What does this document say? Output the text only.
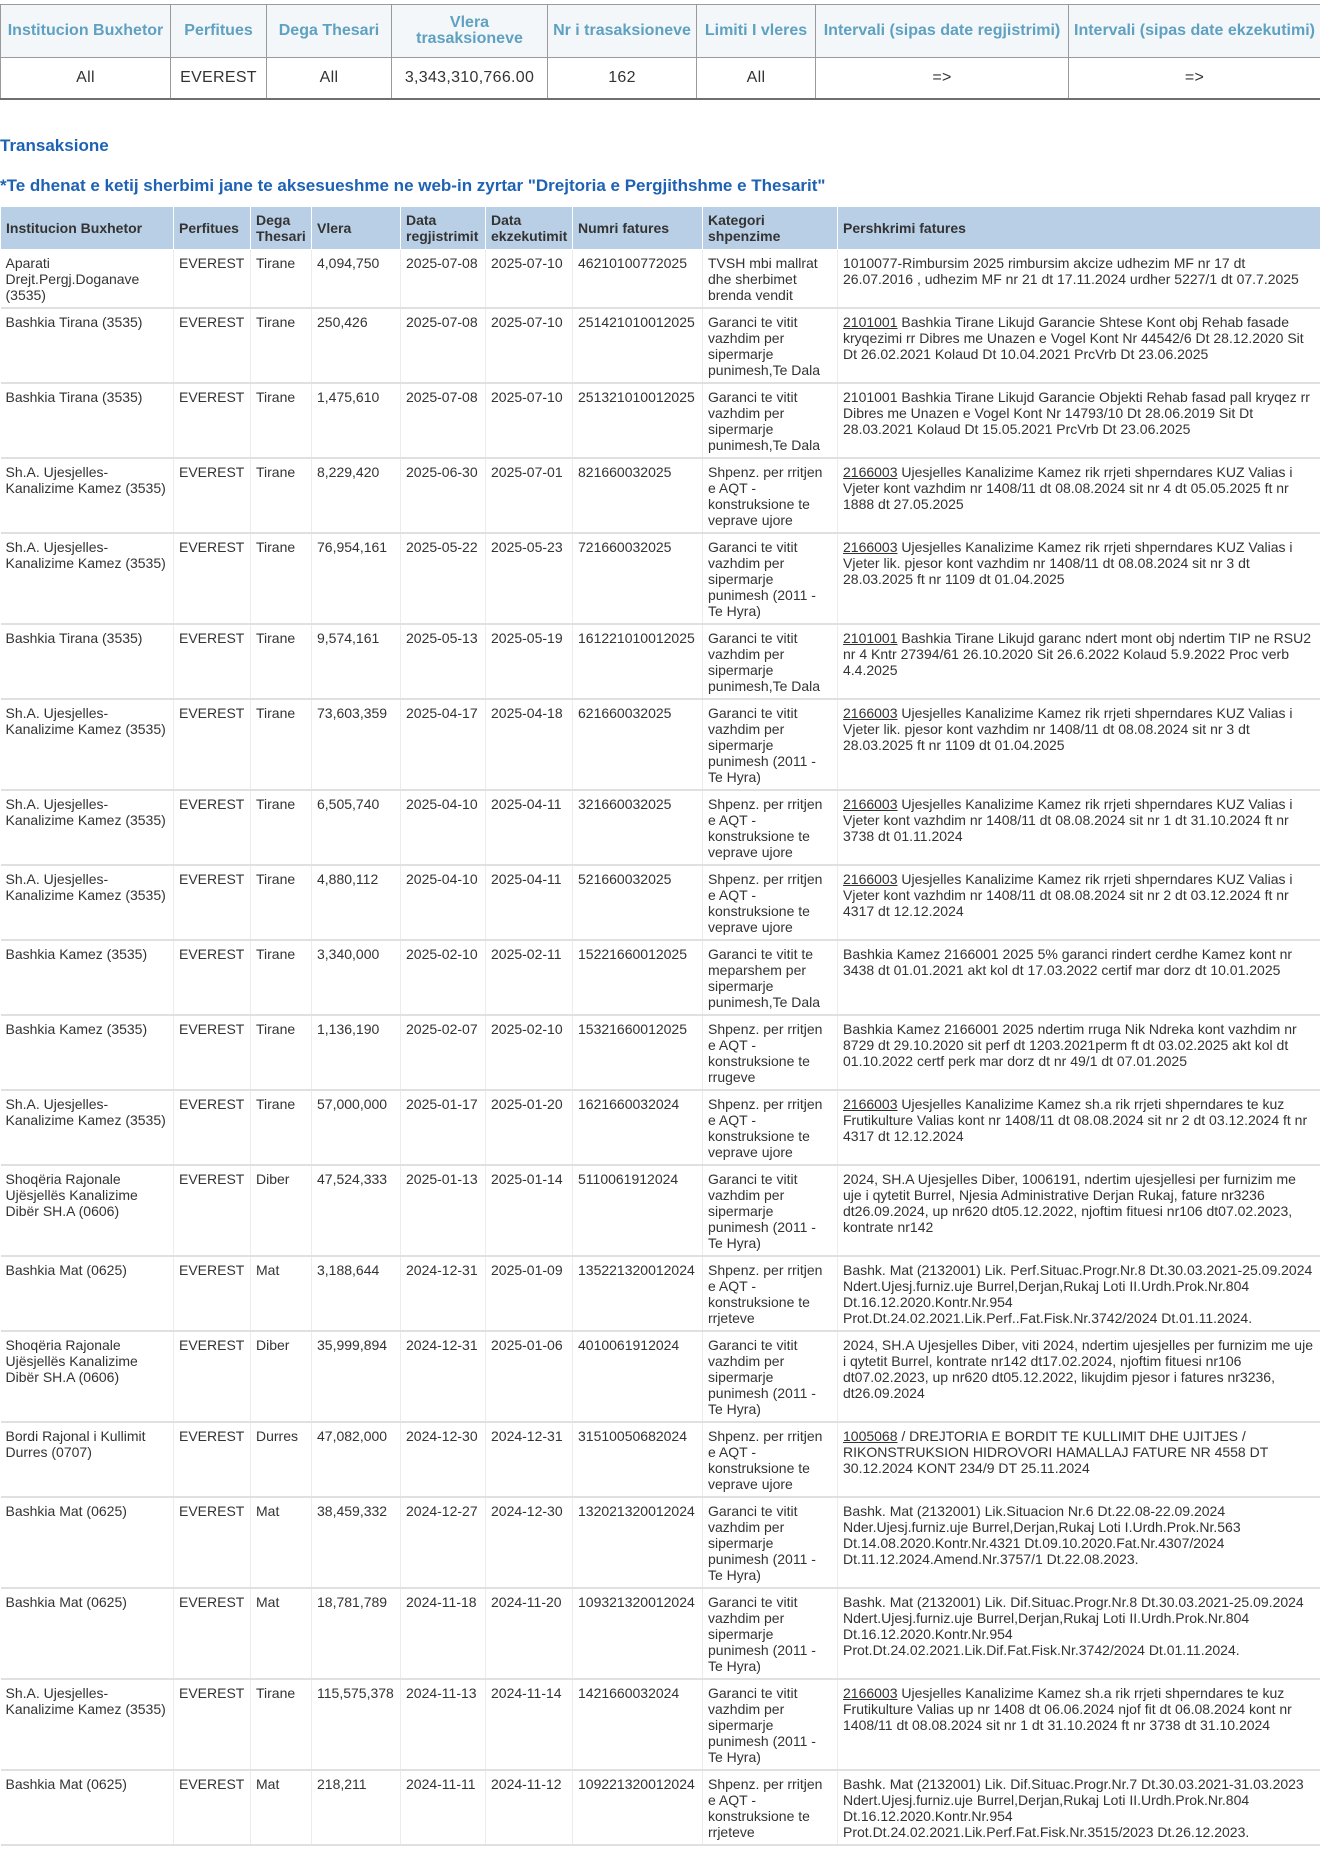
Institucion Buxhetor	Perfitues	Dega Thesari	Vlera trasaksioneve	Nr i trasaksioneve	Limiti I vleres	Intervali (sipas date regjistrimi)	Intervali (sipas date ekzekutimi)
All	EVEREST	All	3,343,310,766.00	162	All	=>	=>
Transaksione
*Te dhenat e ketij sherbimi jane te aksesueshme ne web-in zyrtar "Drejtoria e Pergjithshme e Thesarit"
Institucion Buxhetor	Perfitues	Dega Thesari	Vlera	Data regjistrimit	Data ekzekutimit	Numri fatures	Kategori shpenzime	Pershkrimi fatures
Aparati Drejt.Pergj.Doganave (3535)	EVEREST	Tirane	4,094,750	2025-07-08	2025-07-10	46210100772025	TVSH mbi mallrat dhe sherbimet brenda vendit	1010077-Rimbursim 2025 rimbursim akcize udhezim MF nr 17 dt 26.07.2016 , udhezim MF nr 21 dt 17.11.2024 urdher 5227/1 dt 07.7.2025
Bashkia Tirana (3535)	EVEREST	Tirane	250,426	2025-07-08	2025-07-10	251421010012025	Garanci te vitit vazhdim per sipermarje punimesh,Te Dala	2101001 Bashkia Tirane Likujd Garancie Shtese Kont obj Rehab fasade kryqezimi rr Dibres me Unazen e Vogel Kont Nr 44542/6 Dt 28.12.2020 Sit Dt 26.02.2021 Kolaud Dt 10.04.2021 PrcVrb Dt 23.06.2025
Bashkia Tirana (3535)	EVEREST	Tirane	1,475,610	2025-07-08	2025-07-10	251321010012025	Garanci te vitit vazhdim per sipermarje punimesh,Te Dala	2101001 Bashkia Tirane Likujd Garancie Objekti Rehab fasad pall kryqez rr Dibres me Unazen e Vogel Kont Nr 14793/10 Dt 28.06.2019 Sit Dt 28.03.2021 Kolaud Dt 15.05.2021 PrcVrb Dt 23.06.2025
Sh.A. Ujesjelles-Kanalizime Kamez (3535)	EVEREST	Tirane	8,229,420	2025-06-30	2025-07-01	821660032025	Shpenz. per rritjen e AQT - konstruksione te veprave ujore	2166003 Ujesjelles Kanalizime Kamez rik rrjeti shperndares KUZ Valias i Vjeter kont vazhdim nr 1408/11 dt 08.08.2024 sit nr 4 dt 05.05.2025 ft nr 1888 dt 27.05.2025
Sh.A. Ujesjelles-Kanalizime Kamez (3535)	EVEREST	Tirane	76,954,161	2025-05-22	2025-05-23	721660032025	Garanci te vitit vazhdim per sipermarje punimesh (2011 - Te Hyra)	2166003 Ujesjelles Kanalizime Kamez rik rrjeti shperndares KUZ Valias i Vjeter lik. pjesor kont vazhdim nr 1408/11 dt 08.08.2024 sit nr 3 dt 28.03.2025 ft nr 1109 dt 01.04.2025
Bashkia Tirana (3535)	EVEREST	Tirane	9,574,161	2025-05-13	2025-05-19	161221010012025	Garanci te vitit vazhdim per sipermarje punimesh,Te Dala	2101001 Bashkia Tirane Likujd garanc ndert mont obj ndertim TIP ne RSU2 nr 4 Kntr 27394/61 26.10.2020 Sit 26.6.2022 Kolaud 5.9.2022 Proc verb 4.4.2025
Sh.A. Ujesjelles-Kanalizime Kamez (3535)	EVEREST	Tirane	73,603,359	2025-04-17	2025-04-18	621660032025	Garanci te vitit vazhdim per sipermarje punimesh (2011 - Te Hyra)	2166003 Ujesjelles Kanalizime Kamez rik rrjeti shperndares KUZ Valias i Vjeter lik. pjesor kont vazhdim nr 1408/11 dt 08.08.2024 sit nr 3 dt 28.03.2025 ft nr 1109 dt 01.04.2025
Sh.A. Ujesjelles-Kanalizime Kamez (3535)	EVEREST	Tirane	6,505,740	2025-04-10	2025-04-11	321660032025	Shpenz. per rritjen e AQT - konstruksione te veprave ujore	2166003 Ujesjelles Kanalizime Kamez rik rrjeti shperndares KUZ Valias i Vjeter kont vazhdim nr 1408/11 dt 08.08.2024 sit nr 1 dt 31.10.2024 ft nr 3738 dt 01.11.2024
Sh.A. Ujesjelles-Kanalizime Kamez (3535)	EVEREST	Tirane	4,880,112	2025-04-10	2025-04-11	521660032025	Shpenz. per rritjen e AQT - konstruksione te veprave ujore	2166003 Ujesjelles Kanalizime Kamez rik rrjeti shperndares KUZ Valias i Vjeter kont vazhdim nr 1408/11 dt 08.08.2024 sit nr 2 dt 03.12.2024 ft nr 4317 dt 12.12.2024
Bashkia Kamez (3535)	EVEREST	Tirane	3,340,000	2025-02-10	2025-02-11	15221660012025	Garanci te vitit te meparshem per sipermarje punimesh,Te Dala	Bashkia Kamez 2166001 2025 5% garanci rindert cerdhe Kamez kont nr 3438 dt 01.01.2021 akt kol dt 17.03.2022 certif mar dorz dt 10.01.2025
Bashkia Kamez (3535)	EVEREST	Tirane	1,136,190	2025-02-07	2025-02-10	15321660012025	Shpenz. per rritjen e AQT - konstruksione te rrugeve	Bashkia Kamez 2166001 2025 ndertim rruga Nik Ndreka kont vazhdim nr 8729 dt 29.10.2020 sit perf dt 1203.2021perm ft dt 03.02.2025 akt kol dt 01.10.2022 certf perk mar dorz dt nr 49/1 dt 07.01.2025
Sh.A. Ujesjelles-Kanalizime Kamez (3535)	EVEREST	Tirane	57,000,000	2025-01-17	2025-01-20	1621660032024	Shpenz. per rritjen e AQT - konstruksione te veprave ujore	2166003 Ujesjelles Kanalizime Kamez sh.a rik rrjeti shperndares te kuz Frutikulture Valias kont nr 1408/11 dt 08.08.2024 sit nr 2 dt 03.12.2024 ft nr 4317 dt 12.12.2024
Shoqëria Rajonale Ujësjellës Kanalizime Dibër SH.A (0606)	EVEREST	Diber	47,524,333	2025-01-13	2025-01-14	5110061912024	Garanci te vitit vazhdim per sipermarje punimesh (2011 - Te Hyra)	2024, SH.A Ujesjelles Diber, 1006191, ndertim ujesjellesi per furnizim me uje i qytetit Burrel, Njesia Administrative Derjan Rukaj, fature nr3236 dt26.09.2024, up nr620 dt05.12.2022, njoftim fituesi nr106 dt07.02.2023, kontrate nr142
Bashkia Mat (0625)	EVEREST	Mat	3,188,644	2024-12-31	2025-01-09	135221320012024	Shpenz. per rritjen e AQT - konstruksione te rrjeteve	Bashk. Mat (2132001) Lik. Perf.Situac.Progr.Nr.8 Dt.30.03.2021-25.09.2024 Ndert.Ujesj.furniz.uje Burrel,Derjan,Rukaj Loti II.Urdh.Prok.Nr.804 Dt.16.12.2020.Kontr.Nr.954 Prot.Dt.24.02.2021.Lik.Perf..Fat.Fisk.Nr.3742/2024 Dt.01.11.2024.
Shoqëria Rajonale Ujësjellës Kanalizime Dibër SH.A (0606)	EVEREST	Diber	35,999,894	2024-12-31	2025-01-06	4010061912024	Garanci te vitit vazhdim per sipermarje punimesh (2011 - Te Hyra)	2024, SH.A Ujesjelles Diber, viti 2024, ndertim ujesjelles per furnizim me uje i qytetit Burrel, kontrate nr142 dt17.02.2024, njoftim fituesi nr106 dt07.02.2023, up nr620 dt05.12.2022, likujdim pjesor i fatures nr3236, dt26.09.2024
Bordi Rajonal i Kullimit Durres (0707)	EVEREST	Durres	47,082,000	2024-12-30	2024-12-31	31510050682024	Shpenz. per rritjen e AQT - konstruksione te veprave ujore	1005068 / DREJTORIA E BORDIT TE KULLIMIT DHE UJITJES / RIKONSTRUKSION HIDROVORI HAMALLAJ FATURE NR 4558 DT 30.12.2024 KONT 234/9 DT 25.11.2024
Bashkia Mat (0625)	EVEREST	Mat	38,459,332	2024-12-27	2024-12-30	132021320012024	Garanci te vitit vazhdim per sipermarje punimesh (2011 - Te Hyra)	Bashk. Mat (2132001) Lik.Situacion Nr.6 Dt.22.08-22.09.2024 Nder.Ujesj.furniz.uje Burrel,Derjan,Rukaj Loti I.Urdh.Prok.Nr.563 Dt.14.08.2020.Kontr.Nr.4321 Dt.09.10.2020.Fat.Nr.4307/2024 Dt.11.12.2024.Amend.Nr.3757/1 Dt.22.08.2023.
Bashkia Mat (0625)	EVEREST	Mat	18,781,789	2024-11-18	2024-11-20	109321320012024	Garanci te vitit vazhdim per sipermarje punimesh (2011 - Te Hyra)	Bashk. Mat (2132001) Lik. Dif.Situac.Progr.Nr.8 Dt.30.03.2021-25.09.2024 Ndert.Ujesj.furniz.uje Burrel,Derjan,Rukaj Loti II.Urdh.Prok.Nr.804 Dt.16.12.2020.Kontr.Nr.954 Prot.Dt.24.02.2021.Lik.Dif.Fat.Fisk.Nr.3742/2024 Dt.01.11.2024.
Sh.A. Ujesjelles-Kanalizime Kamez (3535)	EVEREST	Tirane	115,575,378	2024-11-13	2024-11-14	1421660032024	Garanci te vitit vazhdim per sipermarje punimesh (2011 - Te Hyra)	2166003 Ujesjelles Kanalizime Kamez sh.a rik rrjeti shperndares te kuz Frutikulture Valias up nr 1408 dt 06.06.2024 njof fit dt 06.08.2024 kont nr 1408/11 dt 08.08.2024 sit nr 1 dt 31.10.2024 ft nr 3738 dt 31.10.2024
Bashkia Mat (0625)	EVEREST	Mat	218,211	2024-11-11	2024-11-12	109221320012024	Shpenz. per rritjen e AQT - konstruksione te rrjeteve	Bashk. Mat (2132001) Lik. Dif.Situac.Progr.Nr.7 Dt.30.03.2021-31.03.2023 Ndert.Ujesj.furniz.uje Burrel,Derjan,Rukaj Loti II.Urdh.Prok.Nr.804 Dt.16.12.2020.Kontr.Nr.954 Prot.Dt.24.02.2021.Lik.Perf.Fat.Fisk.Nr.3515/2023 Dt.26.12.2023.
